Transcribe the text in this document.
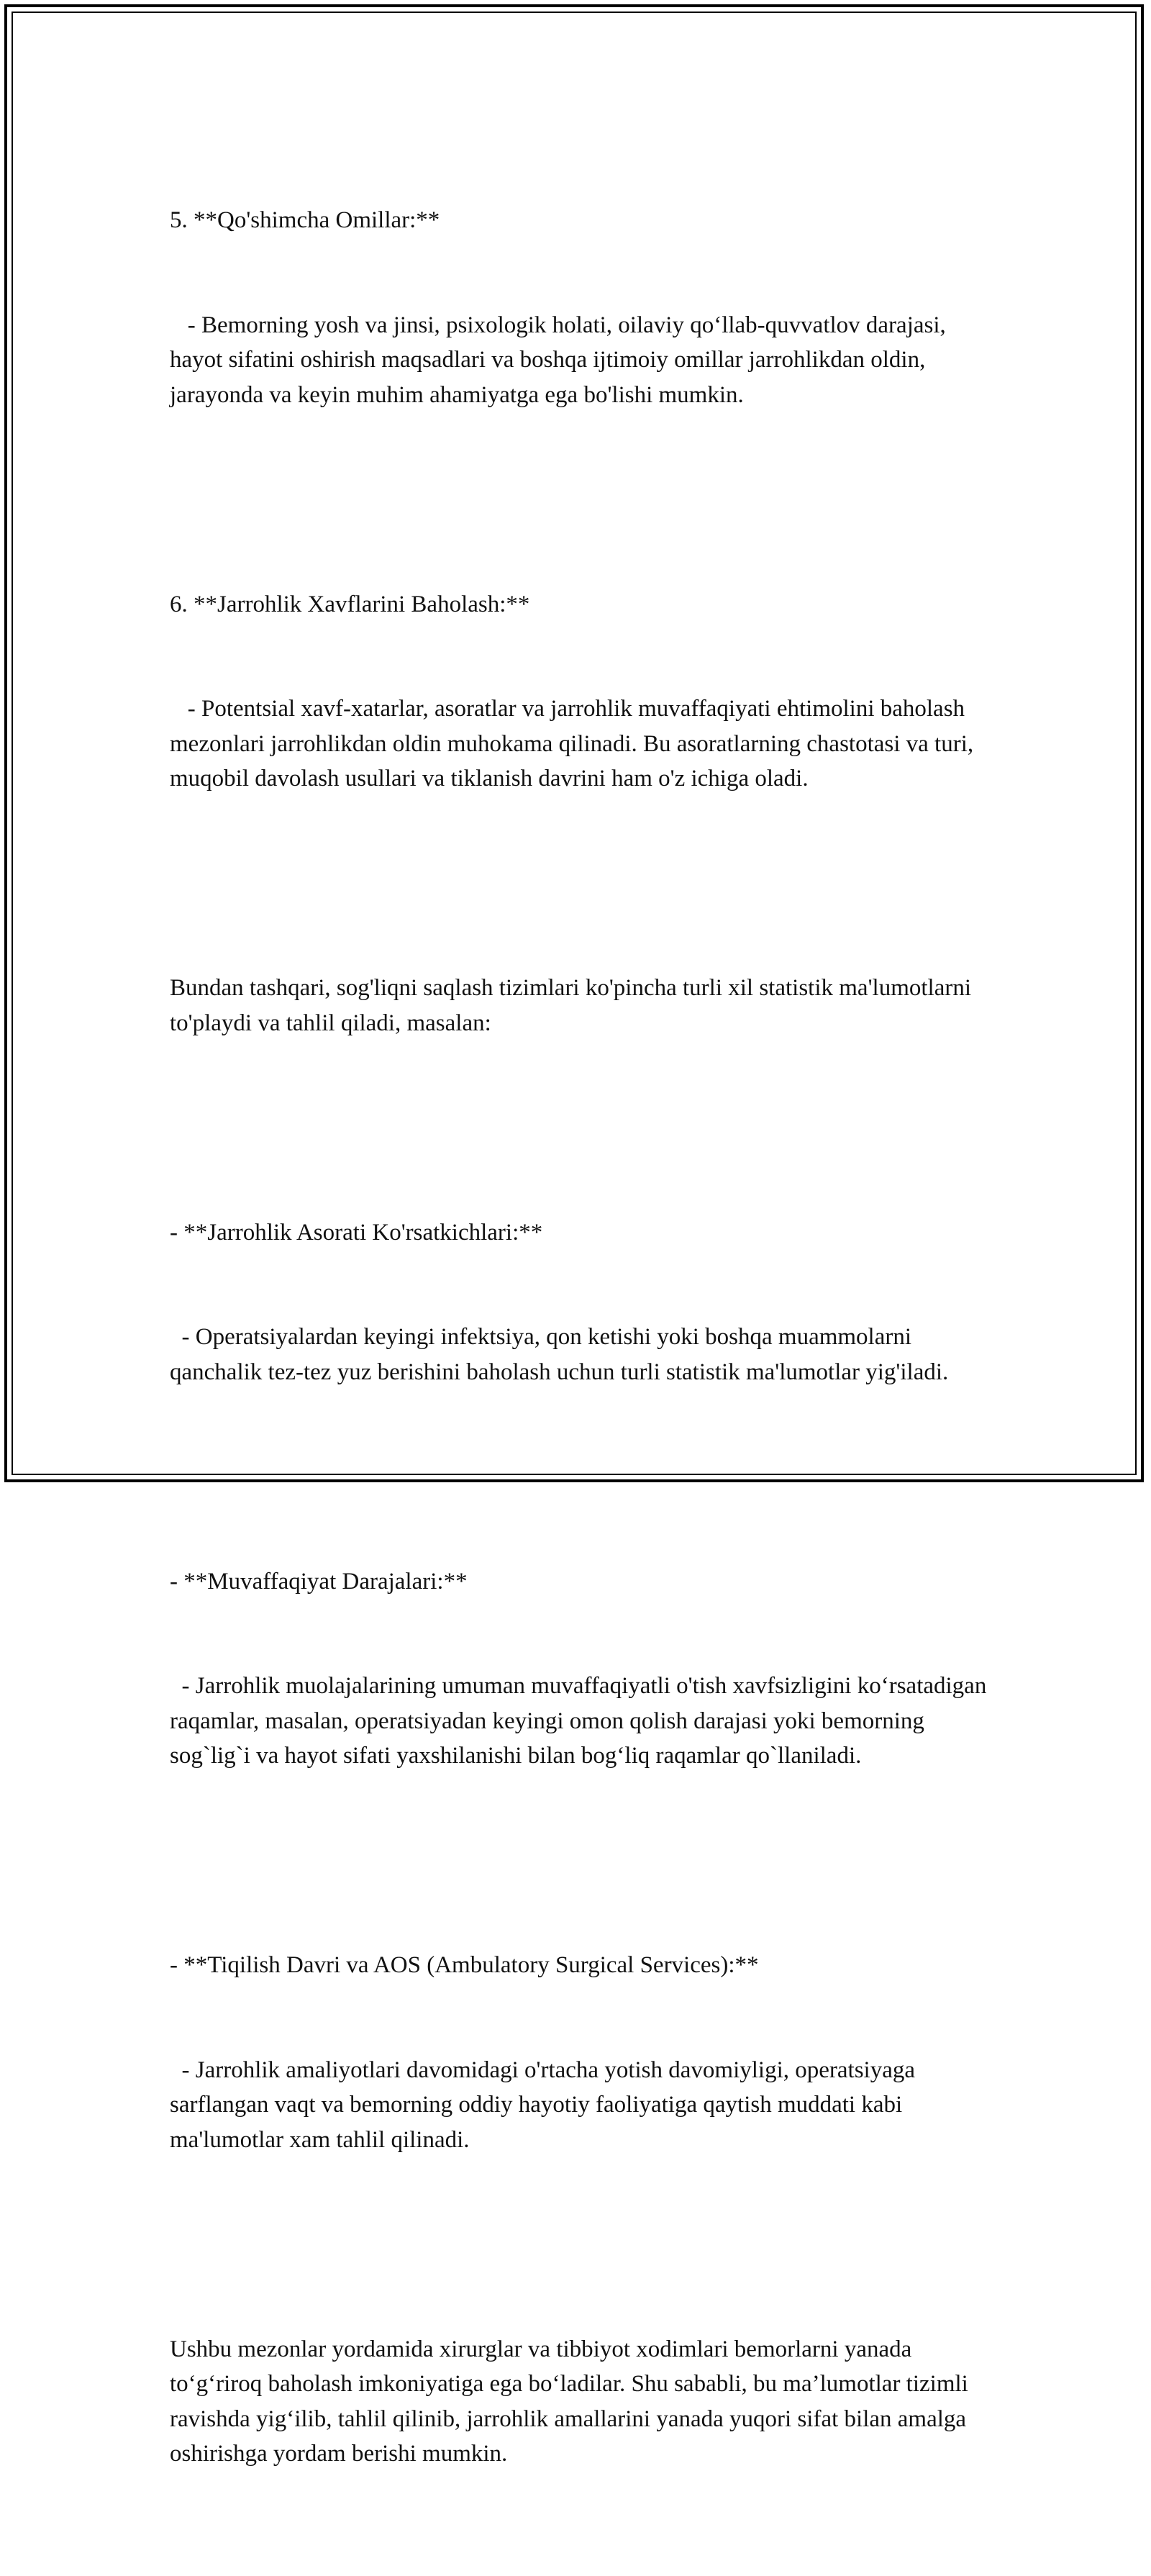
5. **Qo'shimcha Omillar:**

- Bemorning yosh va jinsi, psixologik holati, oilaviy qo‘llab-quvvatlov darajasi, hayot sifatini oshirish maqsadlari va boshqa ijtimoiy omillar jarrohlikdan oldin, jarayonda va keyin muhim ahamiyatga ega bo'lishi mumkin.

6. **Jarrohlik Xavflarini Baholash:**

- Potentsial xavf-xatarlar, asoratlar va jarrohlik muvaffaqiyati ehtimolini baholash mezonlari jarrohlikdan oldin muhokama qilinadi. Bu asoratlarning chastotasi va turi, muqobil davolash usullari va tiklanish davrini ham o'z ichiga oladi.

Bundan tashqari, sog'liqni saqlash tizimlari ko'pincha turli xil statistik ma'lumotlarni to'playdi va tahlil qiladi, masalan:

- **Jarrohlik Asorati Ko'rsatkichlari:**

- Operatsiyalardan keyingi infektsiya, qon ketishi yoki boshqa muammolarni qanchalik tez-tez yuz berishini baholash uchun turli statistik ma'lumotlar yig'iladi.

- **Muvaffaqiyat Darajalari:**

- Jarrohlik muolajalarining umuman muvaffaqiyatli o'tish xavfsizligini ko‘rsatadigan raqamlar, masalan, operatsiyadan keyingi omon qolish darajasi yoki bemorning sog`lig`i va hayot sifati yaxshilanishi bilan bog‘liq raqamlar qo`llaniladi.

- **Tiqilish Davri va AOS (Ambulatory Surgical Services):**

- Jarrohlik amaliyotlari davomidagi o'rtacha yotish davomiyligi, operatsiyaga sarflangan vaqt va bemorning oddiy hayotiy faoliyatiga qaytish muddati kabi ma'lumotlar xam tahlil qilinadi.

Ushbu mezonlar yordamida xirurglar va tibbiyot xodimlari bemorlarni yanada to‘g‘riroq baholash imkoniyatiga ega bo‘ladilar. Shu sababli, bu ma’lumotlar tizimli ravishda yig‘ilib, tahlil qilinib, jarrohlik amallarini yanada yuqori sifat bilan amalga oshirishga yordam berishi mumkin.
